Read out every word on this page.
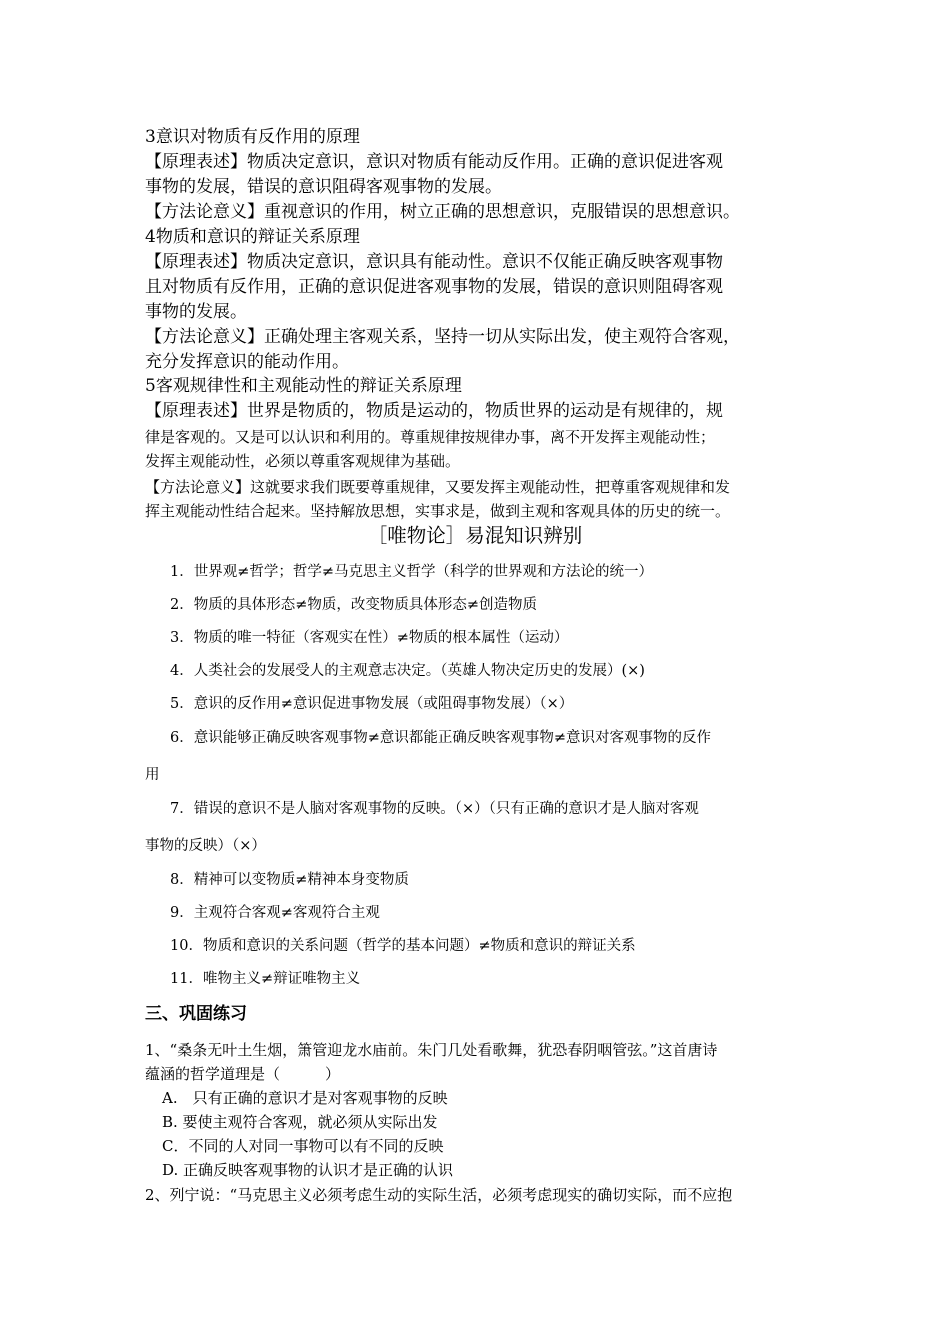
3意识对物质有反作用的原理
【原理表述】物质决定意识，意识对物质有能动反作用。正确的意识促进客观
事物的发展，错误的意识阻碍客观事物的发展。
【方法论意义】重视意识的作用，树立正确的思想意识，克服错误的思想意识。
4物质和意识的辩证关系原理
【原理表述】物质决定意识，意识具有能动性。意识不仅能正确反映客观事物
且对物质有反作用，正确的意识促进客观事物的发展，错误的意识则阻碍客观
事物的发展。
【方法论意义】正确处理主客观关系，坚持一切从实际出发，使主观符合客观，
充分发挥意识的能动作用。
5客观规律性和主观能动性的辩证关系原理
【原理表述】世界是物质的，物质是运动的，物质世界的运动是有规律的，规
律是客观的。又是可以认识和利用的。尊重规律按规律办事，离不开发挥主观能动性；
发挥主观能动性，必须以尊重客观规律为基础。
【方法论意义】这就要求我们既要尊重规律，又要发挥主观能动性，把尊重客观规律和发
挥主观能动性结合起来。坚持解放思想，实事求是，做到主观和客观具体的历史的统一。
［唯物论］易混知识辨别
1．世界观≠哲学；哲学≠马克思主义哲学（科学的世界观和方法论的统一）
2．物质的具体形态≠物质，改变物质具体形态≠创造物质
3．物质的唯一特征（客观实在性）≠物质的根本属性（运动）
4．人类社会的发展受人的主观意志决定。（英雄人物决定历史的发展）(×)
5．意识的反作用≠意识促进事物发展（或阻碍事物发展）（×）
6．意识能够正确反映客观事物≠意识都能正确反映客观事物≠意识对客观事物的反作
用
7．错误的意识不是人脑对客观事物的反映。（×）（只有正确的意识才是人脑对客观
事物的反映）（×）
8．精神可以变物质≠精神本身变物质
9．主观符合客观≠客观符合主观
10．物质和意识的关系问题（哲学的基本问题）≠物质和意识的辩证关系
11．唯物主义≠辩证唯物主义
三、巩固练习
1、“桑条无叶土生烟，箫管迎龙水庙前。朱门几处看歌舞，犹恐春阴咽管弦。”这首唐诗
蕴涵的哲学道理是（　　　）
A.　只有正确的意识才是对客观事物的反映
B. 要使主观符合客观，就必须从实际出发
C．不同的人对同一事物可以有不同的反映
D. 正确反映客观事物的认识才是正确的认识
2、列宁说：“马克思主义必须考虑生动的实际生活，必须考虑现实的确切实际，而不应抱
